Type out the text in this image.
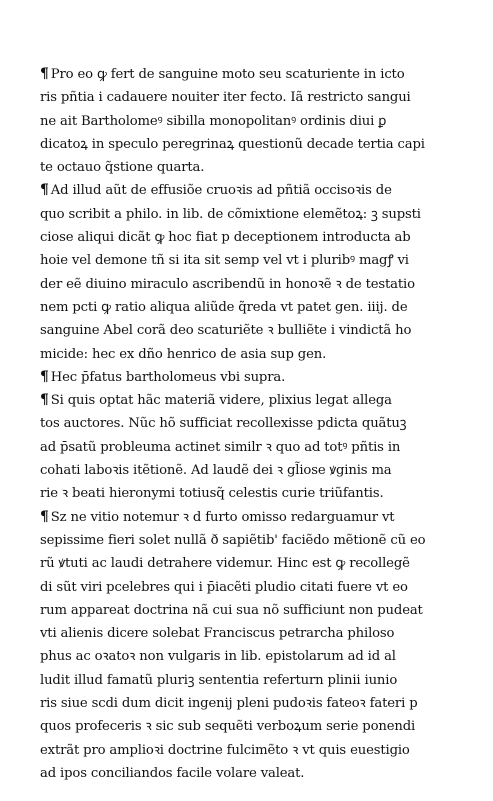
¶ Pro eo ꝙ fert de sanguine moto seu scaturiente in icto
ris pñtia i cadauere nouiter iter fecto. Iã restricto sangui
ne ait Bartholomeꝰ sibilla monopolitanꝰ ordinis diui ꝑ
dicatoꝝ in speculo peregrinaꝝ questionũ decade tertia capi
te octauo q̃stione quarta.
¶ Ad illud aũt de effusiõe cruoꝛis ad pñtiã occisoꝛis de
quo scribit a philo. in lib. de cõmixtione elemẽtoꝝ: ꝫ supsti
ciose aliqui dicãt ꝙ hoc fiat p deceptionem introducta ab
hoie vel demone tñ si ita sit semp vel vt i pluribꝰ magꝭ vi
der eẽ diuino miraculo ascribendũ in honoꝛẽ ꝛ de testatio
nem pcti ꝙ ratio aliqua aliũde q̃reda vt patet gen. iiij. de
sanguine Abel corã deo scaturiẽte ꝛ bulliẽte i vindictã ho
micide: hec ex dño henrico de asia sup gen.
¶ Hec p̄fatus bartholomeus vbi supra.
¶ Si quis optat hãc materiã videre, plixius legat allega
tos auctores. Nũc hõ sufficiat recollexisse pdicta quãtuꝫ
ad p̄satũ probleuma actinet similr ꝛ quo ad totꝰ pñtis in
cohati laboꝛis itẽtionẽ. Ad laudẽ dei ꝛ gl̃iose ꝟginis ma
rie ꝛ beati hieronymi totiusq̃ celestis curie triũfantis.
¶ Sz ne vitio notemur ꝛ d furto omisso redarguamur vt
sepissime fieri solet nullã ð sapiẽtib' faciẽdo mẽtionẽ cũ eo
rũ ꝟtuti ac laudi detrahere videmur. Hinc est ꝙ recollegẽ
di sũt viri pcelebres qui i p̄iacẽti pludio citati fuere vt eo
rum appareat doctrina nã cui sua nõ sufficiunt non pudeat
vti alienis dicere solebat Franciscus petrarcha philoso
phus ac oꝛatoꝛ non vulgaris in lib. epistolarum ad id al
ludit illud famatũ pluriꝫ sententia referturn plinii iunio
ris siue scdi dum dicit ingenij pleni pudoꝛis fateoꝛ fateri p
quos profeceris ꝛ sic sub sequẽti verboꝝum serie ponendi
extrãt pro amplioꝛi doctrine fulcimẽto ꝛ vt quis euestigio
ad ipos conciliandos facile volare valeat.
